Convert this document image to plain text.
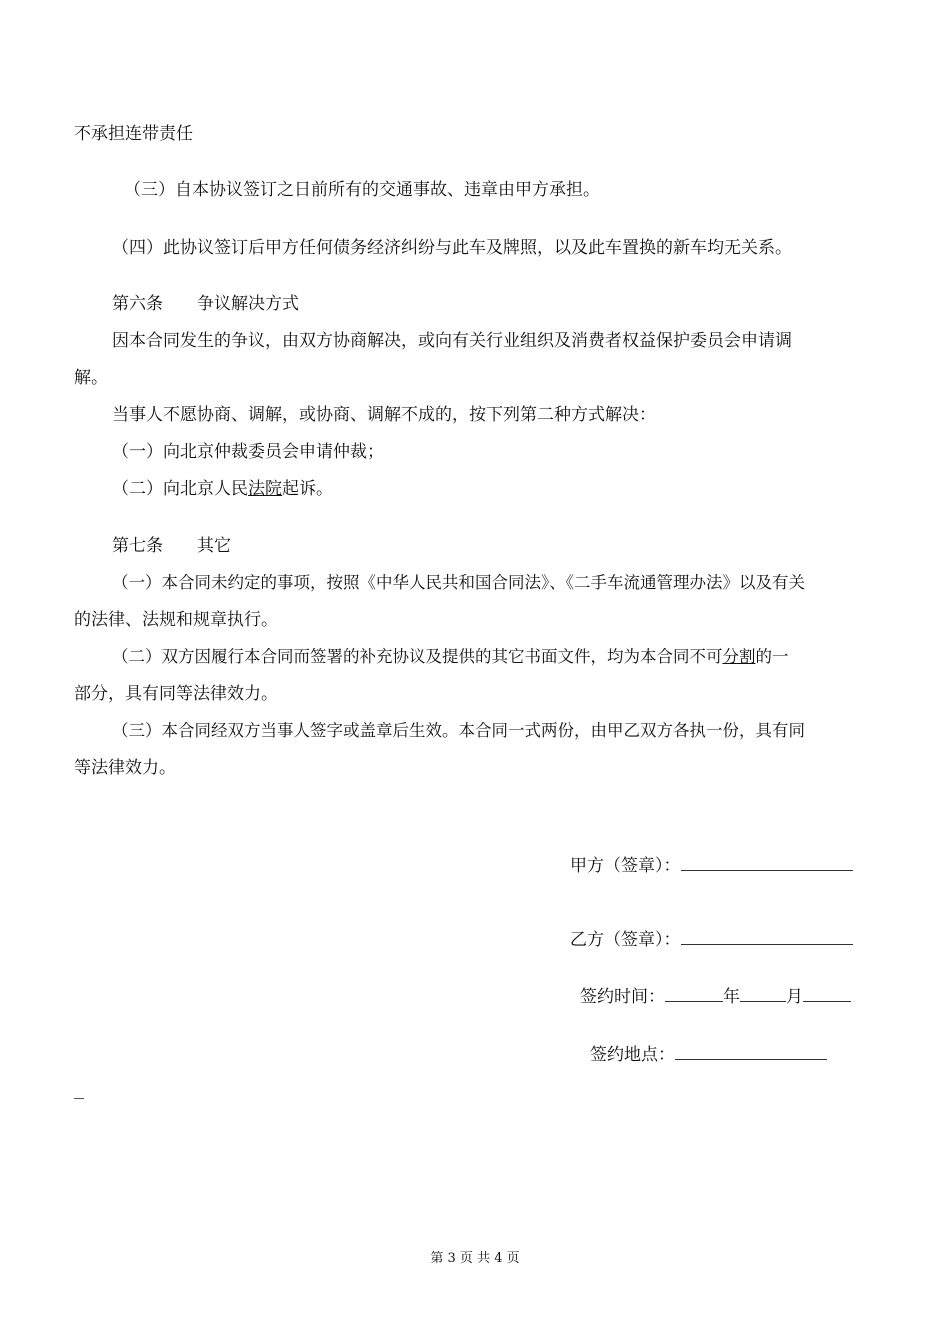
不承担连带责任
（三）自本协议签订之日前所有的交通事故、违章由甲方承担。
（四）此协议签订后甲方任何债务经济纠纷与此车及牌照，以及此车置换的新车均无关系。
第六条 争议解决方式
因本合同发生的争议，由双方协商解决，或向有关行业组织及消费者权益保护委员会申请调
解。
当事人不愿协商、调解，或协商、调解不成的，按下列第二种方式解决：
（一）向北京仲裁委员会申请仲裁；
（二）向北京人民法院起诉。
第七条 其它
（一）本合同未约定的事项，按照《中华人民共和国合同法》、《二手车流通管理办法》以及有关
的法律、法规和规章执行。
（二）双方因履行本合同而签署的补充协议及提供的其它书面文件，均为本合同不可分割的一
部分，具有同等法律效力。
（三）本合同经双方当事人签字或盖章后生效。本合同一式两份，由甲乙双方各执一份，具有同
等法律效力。
甲方（签章）：
乙方（签章）：
签约时间：	年	月
签约地点：
第 3 页 共 4 页
